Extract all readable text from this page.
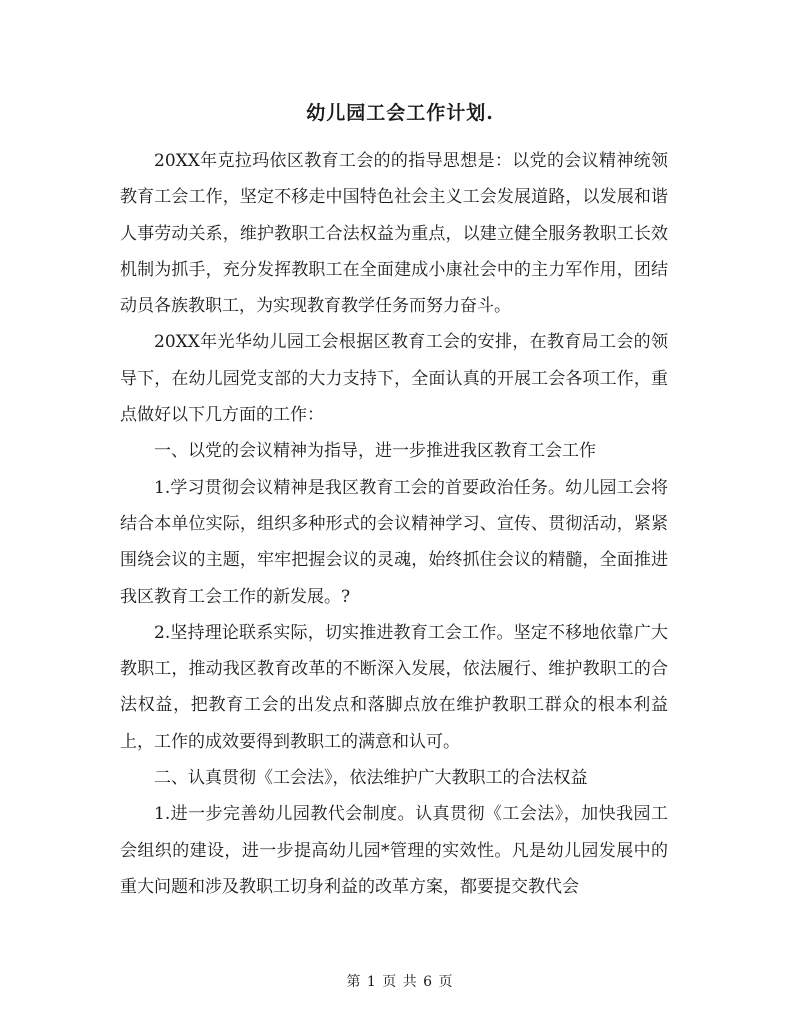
幼儿园工会工作计划.

20XX年克拉玛依区教育工会的的指导思想是：以党的会议精神统领教育工会工作，坚定不移走中国特色社会主义工会发展道路，以发展和谐人事劳动关系，维护教职工合法权益为重点，以建立健全服务教职工长效机制为抓手，充分发挥教职工在全面建成小康社会中的主力军作用，团结动员各族教职工，为实现教育教学任务而努力奋斗。

20XX年光华幼儿园工会根据区教育工会的安排，在教育局工会的领导下，在幼儿园党支部的大力支持下，全面认真的开展工会各项工作，重点做好以下几方面的工作：

一、以党的会议精神为指导，进一步推进我区教育工会工作

1.学习贯彻会议精神是我区教育工会的首要政治任务。幼儿园工会将结合本单位实际，组织多种形式的会议精神学习、宣传、贯彻活动，紧紧围绕会议的主题，牢牢把握会议的灵魂，始终抓住会议的精髓，全面推进我区教育工会工作的新发展。?

2.坚持理论联系实际，切实推进教育工会工作。坚定不移地依靠广大教职工，推动我区教育改革的不断深入发展，依法履行、维护教职工的合法权益，把教育工会的出发点和落脚点放在维护教职工群众的根本利益上，工作的成效要得到教职工的满意和认可。

二、认真贯彻《工会法》，依法维护广大教职工的合法权益

1.进一步完善幼儿园教代会制度。认真贯彻《工会法》，加快我园工会组织的建设，进一步提高幼儿园*管理的实效性。凡是幼儿园发展中的重大问题和涉及教职工切身利益的改革方案，都要提交教代会

第 1 页 共 6 页
